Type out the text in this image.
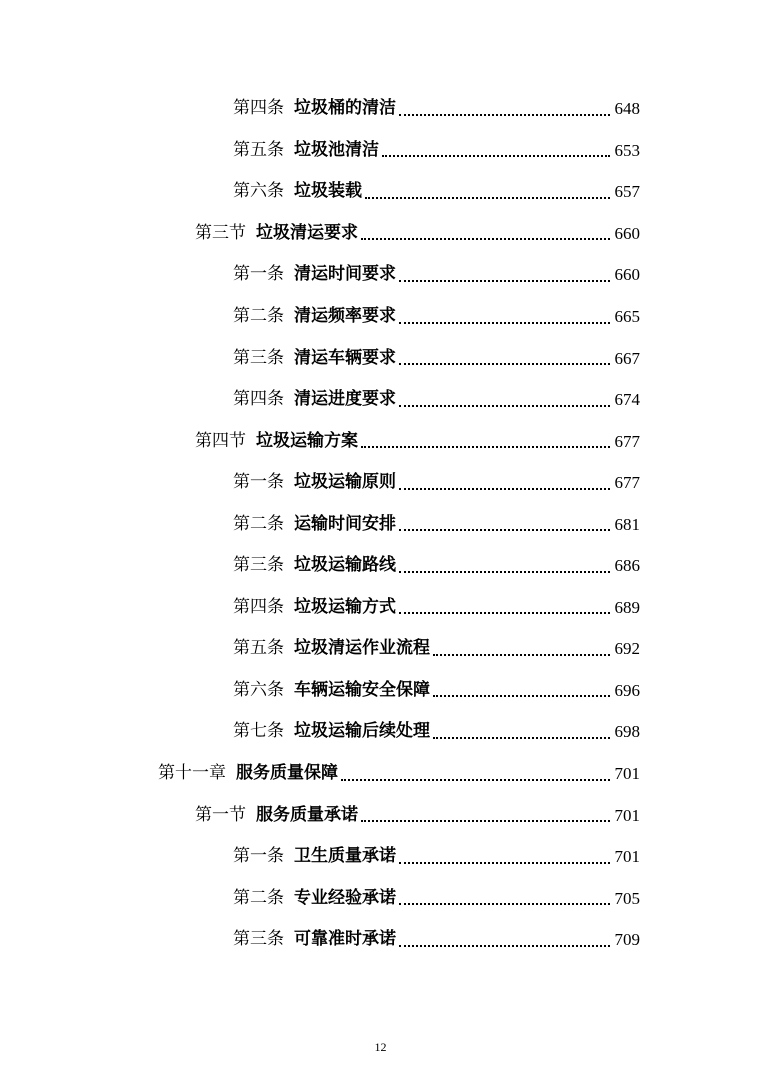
第四条 垃圾桶的清洁	648
第五条 垃圾池清洁	653
第六条 垃圾装载	657
第三节 垃圾清运要求	660
第一条 清运时间要求	660
第二条 清运频率要求	665
第三条 清运车辆要求	667
第四条 清运进度要求	674
第四节 垃圾运输方案	677
第一条 垃圾运输原则	677
第二条 运输时间安排	681
第三条 垃圾运输路线	686
第四条 垃圾运输方式	689
第五条 垃圾清运作业流程	692
第六条 车辆运输安全保障	696
第七条 垃圾运输后续处理	698
第十一章 服务质量保障	701
第一节 服务质量承诺	701
第一条 卫生质量承诺	701
第二条 专业经验承诺	705
第三条 可靠准时承诺	709
12
